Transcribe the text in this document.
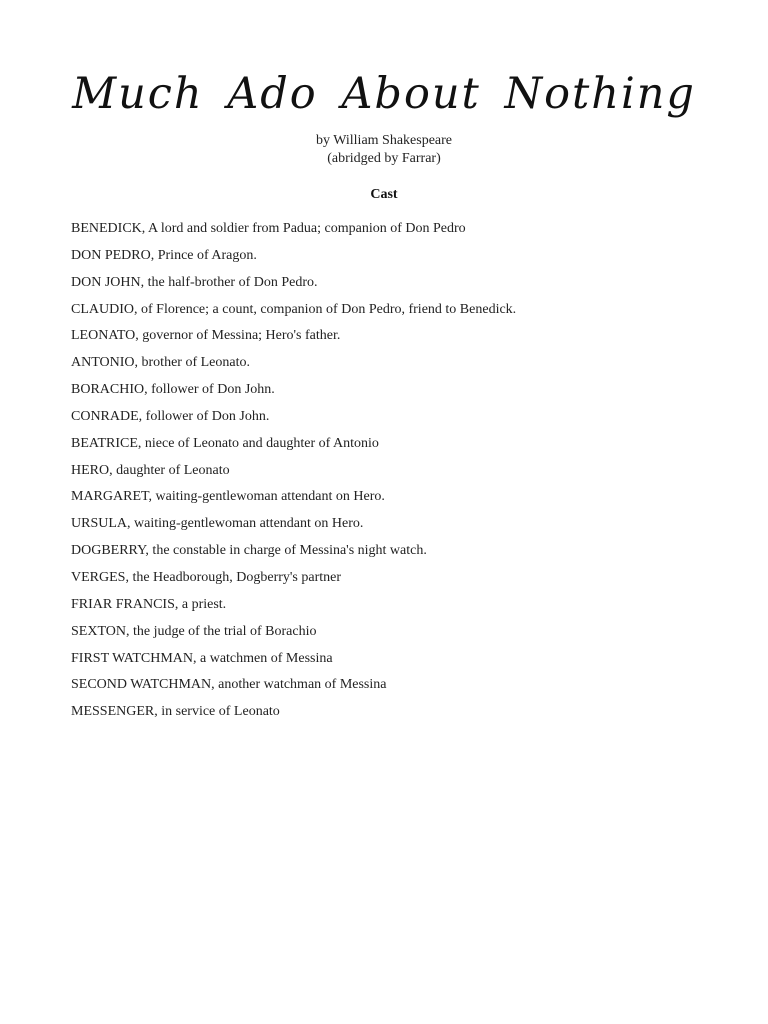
Much Ado About Nothing
by William Shakespeare
(abridged by Farrar)
Cast
BENEDICK, A lord and soldier from Padua; companion of Don Pedro
DON PEDRO, Prince of Aragon.
DON JOHN, the half-brother of Don Pedro.
CLAUDIO, of Florence; a count, companion of Don Pedro, friend to Benedick.
LEONATO, governor of Messina; Hero's father.
ANTONIO, brother of Leonato.
BORACHIO, follower of Don John.
CONRADE, follower of Don John.
BEATRICE, niece of Leonato and daughter of Antonio
HERO, daughter of Leonato
MARGARET, waiting-gentlewoman attendant on Hero.
URSULA, waiting-gentlewoman attendant on Hero.
DOGBERRY, the constable in charge of Messina's night watch.
VERGES, the Headborough, Dogberry's partner
FRIAR FRANCIS, a priest.
SEXTON, the judge of the trial of Borachio
FIRST WATCHMAN, a watchmen of Messina
SECOND WATCHMAN, another watchman of Messina
MESSENGER, in service of Leonato
